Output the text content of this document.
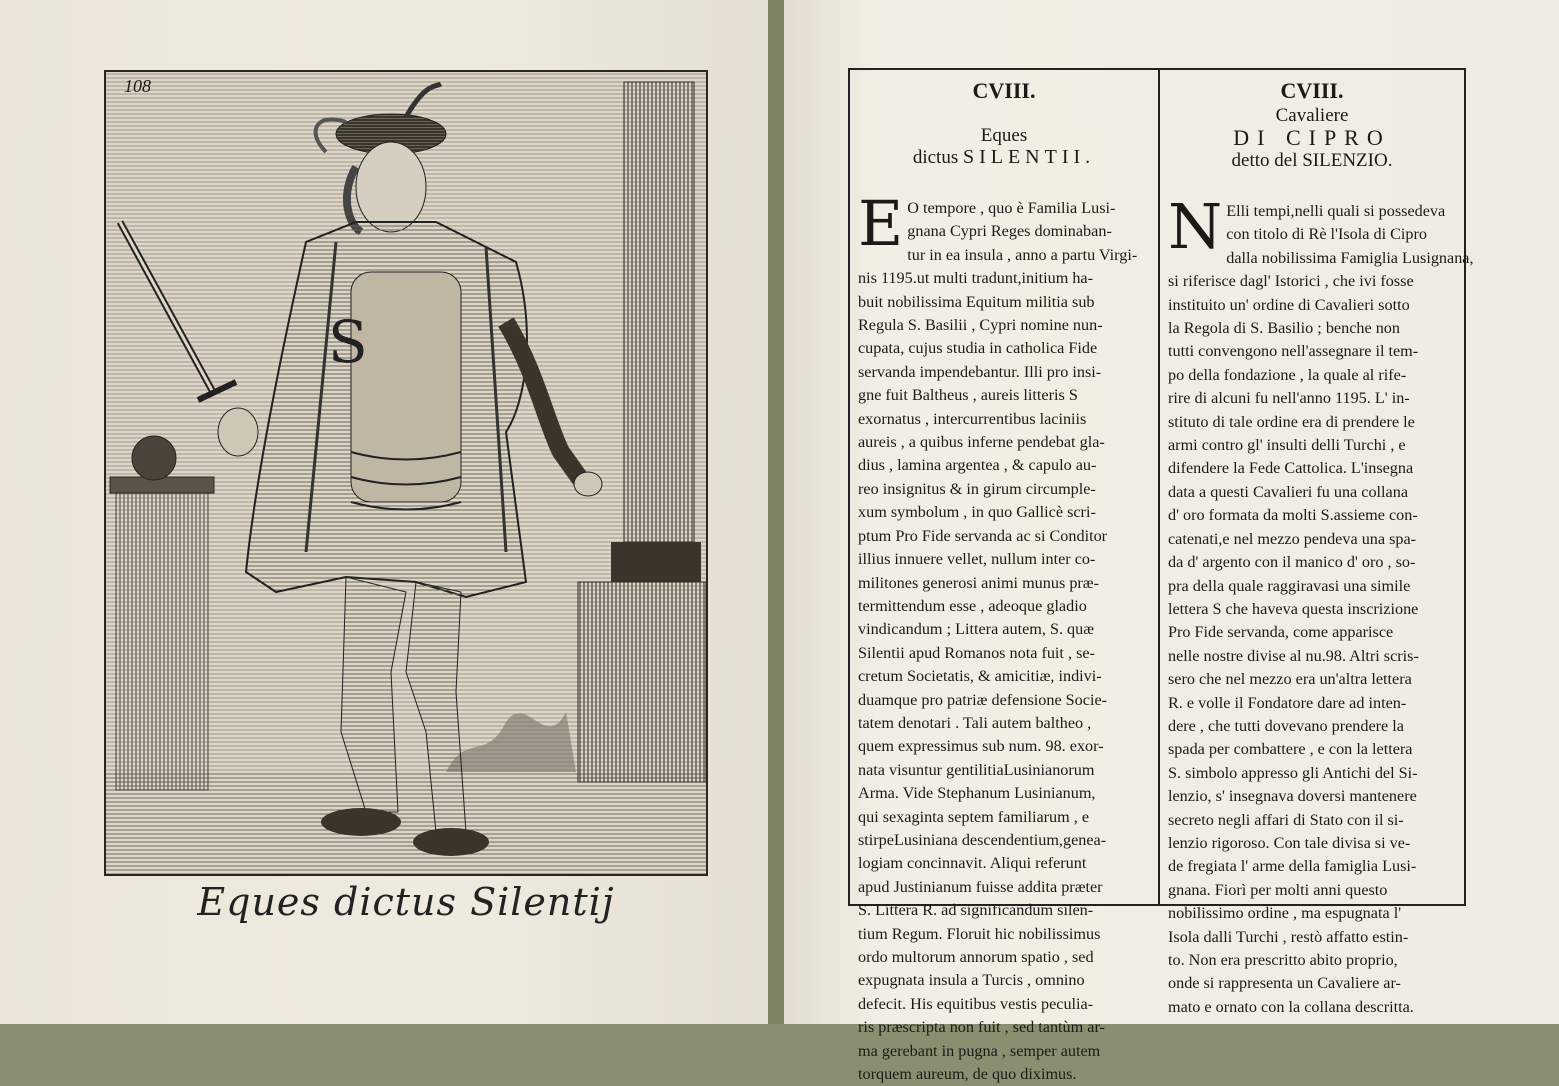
108
S
Eques dictus Silentij
CVIII.
Eques
dictus SILENTII.
E O tempore , quo è Familia Lusi-
gnana Cypri Reges dominaban-
tur in ea insula , anno a partu Virgi-
nis 1195.ut multi tradunt,initium ha-
buit nobilissima Equitum militia sub
Regula S. Basilii , Cypri nomine nun-
cupata, cujus studia in catholica Fide
servanda impendebantur. Illi pro insi-
gne fuit Baltheus , aureis litteris S
exornatus , intercurrentibus laciniis
aureis , a quibus inferne pendebat gla-
dius , lamina argentea , & capulo au-
reo insignitus & in girum circumple-
xum symbolum , in quo Gallicè scri-
ptum Pro Fide servanda ac si Conditor
illius innuere vellet, nullum inter co-
militones generosi animi munus præ-
termittendum esse , adeoque gladio
vindicandum ; Littera autem, S. quæ
Silentii apud Romanos nota fuit , se-
cretum Societatis, & amicitiæ, indivi-
duamque pro patriæ defensione Socie-
tatem denotari . Tali autem baltheo ,
quem expressimus sub num. 98. exor-
nata visuntur gentilitiaLusinianorum
Arma. Vide Stephanum Lusinianum,
qui sexaginta septem familiarum , e
stirpeLusiniana descendentium,genea-
logiam concinnavit. Aliqui referunt
apud Justinianum fuisse addita præter
S. Littera R. ad significandum silen-
tium Regum. Floruit hic nobilissimus
ordo multorum annorum spatio , sed
expugnata insula a Turcis , omnino
defecit. His equitibus vestis peculia-
ris præscripta non fuit , sed tantùm ar-
ma gerebant in pugna , semper autem
torquem aureum, de quo diximus.
CVIII.
Cavaliere
DI CIPRO
detto del SILENZIO.
N Elli tempi,nelli quali si possedeva
con titolo di Rè l'Isola di Cipro
dalla nobilissima Famiglia Lusignana,
si riferisce dagl' Istorici , che ivi fosse
instituito un' ordine di Cavalieri sotto
la Regola di S. Basilio ; benche non
tutti convengono nell'assegnare il tem-
po della fondazione , la quale al rife-
rire di alcuni fu nell'anno 1195. L' in-
stituto di tale ordine era di prendere le
armi contro gl' insulti delli Turchi , e
difendere la Fede Cattolica. L'insegna
data a questi Cavalieri fu una collana
d' oro formata da molti S.assieme con-
catenati,e nel mezzo pendeva una spa-
da d' argento con il manico d' oro , so-
pra della quale raggiravasi una simile
lettera S che haveva questa inscrizione
Pro Fide servanda, come apparisce
nelle nostre divise al nu.98. Altri scris-
sero che nel mezzo era un'altra lettera
R. e volle il Fondatore dare ad inten-
dere , che tutti dovevano prendere la
spada per combattere , e con la lettera
S. simbolo appresso gli Antichi del Si-
lenzio, s' insegnava doversi mantenere
secreto negli affari di Stato con il si-
lenzio rigoroso. Con tale divisa si ve-
de fregiata l' arme della famiglia Lusi-
gnana. Fiorì per molti anni questo
nobilissimo ordine , ma espugnata l'
Isola dalli Turchi , restò affatto estin-
to. Non era prescritto abito proprio,
onde si rappresenta un Cavaliere ar-
mato e ornato con la collana descritta.
